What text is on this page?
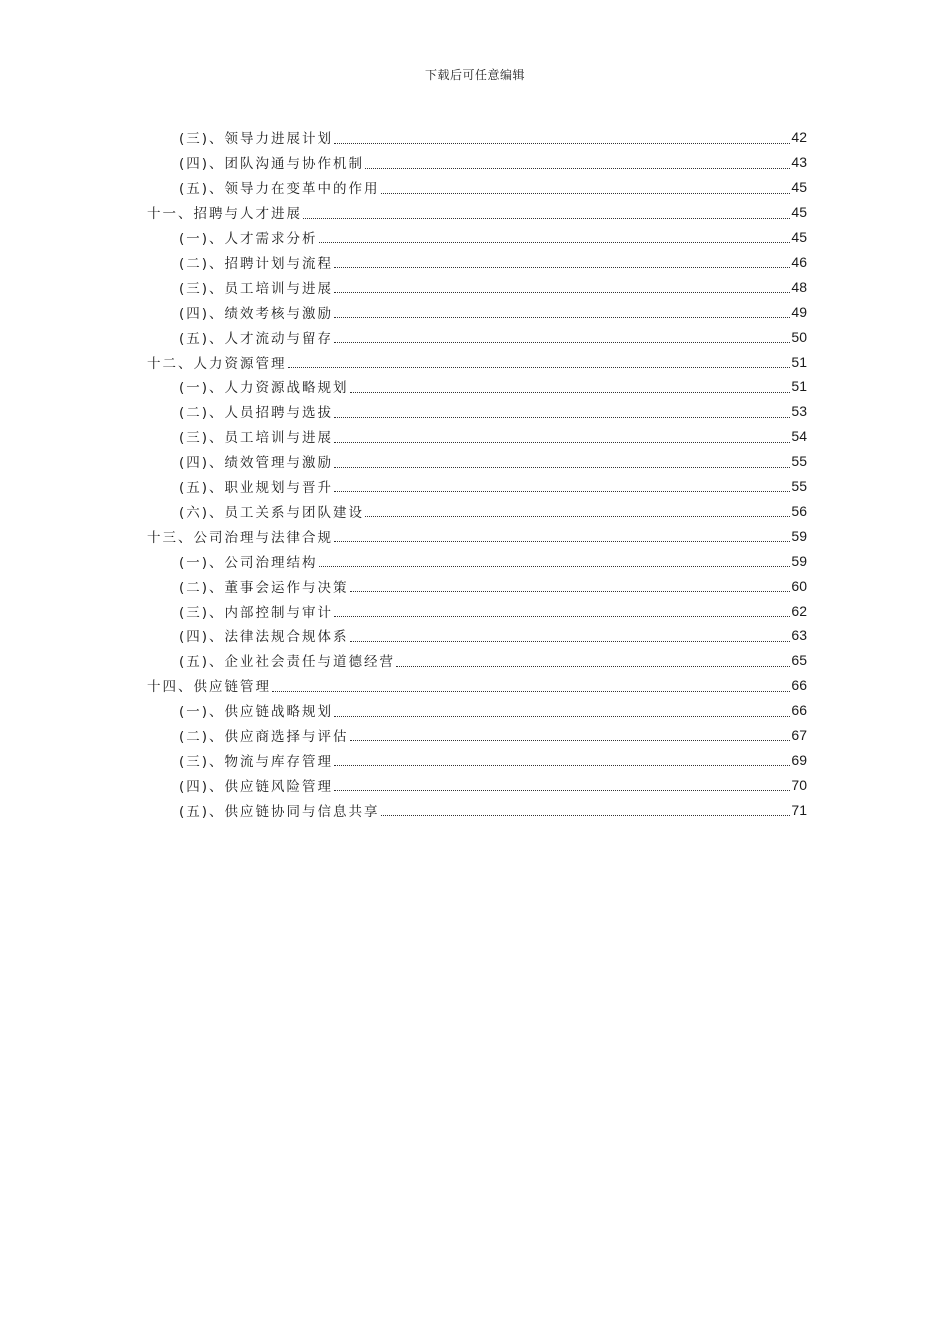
下载后可任意编辑
(三)、领导力进展计划	42
(四)、团队沟通与协作机制	43
(五)、领导力在变革中的作用	45
十一、招聘与人才进展	45
(一)、人才需求分析	45
(二)、招聘计划与流程	46
(三)、员工培训与进展	48
(四)、绩效考核与激励	49
(五)、人才流动与留存	50
十二、人力资源管理	51
(一)、人力资源战略规划	51
(二)、人员招聘与选拔	53
(三)、员工培训与进展	54
(四)、绩效管理与激励	55
(五)、职业规划与晋升	55
(六)、员工关系与团队建设	56
十三、公司治理与法律合规	59
(一)、公司治理结构	59
(二)、董事会运作与决策	60
(三)、内部控制与审计	62
(四)、法律法规合规体系	63
(五)、企业社会责任与道德经营	65
十四、供应链管理	66
(一)、供应链战略规划	66
(二)、供应商选择与评估	67
(三)、物流与库存管理	69
(四)、供应链风险管理	70
(五)、供应链协同与信息共享	71
